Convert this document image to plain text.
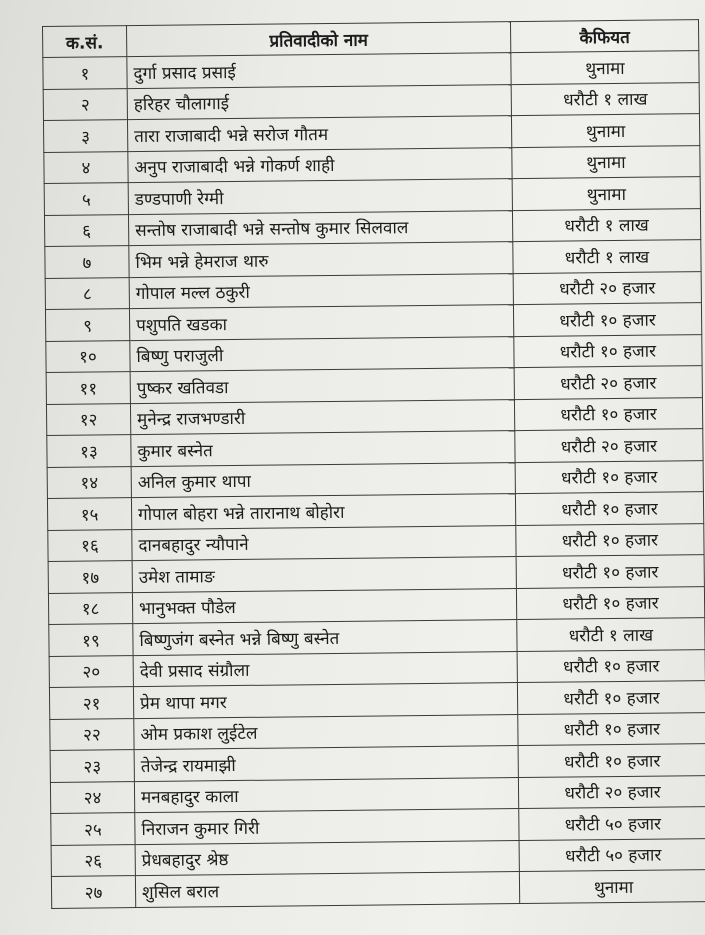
क.सं.	प्रतिवादीको नाम	कैफियत
१	दुर्गा प्रसाद प्रसाई	थुनामा
२	हरिहर चौलागाई	धरौटी १ लाख
३	तारा राजाबादी भन्ने सरोज गौतम	थुनामा
४	अनुप राजाबादी भन्ने गोकर्ण शाही	थुनामा
५	डण्डपाणी रेग्मी	थुनामा
६	सन्तोष राजाबादी भन्ने सन्तोष कुमार सिलवाल	धरौटी १ लाख
७	भिम भन्ने हेमराज थारु	धरौटी १ लाख
८	गोपाल मल्ल ठकुरी	धरौटी २० हजार
९	पशुपति खडका	धरौटी १० हजार
१०	बिष्णु पराजुली	धरौटी १० हजार
११	पुष्कर खतिवडा	धरौटी २० हजार
१२	मुनेन्द्र राजभण्डारी	धरौटी १० हजार
१३	कुमार बस्नेत	धरौटी २० हजार
१४	अनिल कुमार थापा	धरौटी १० हजार
१५	गोपाल बोहरा भन्ने तारानाथ बोहोरा	धरौटी १० हजार
१६	दानबहादुर न्यौपाने	धरौटी १० हजार
१७	उमेश तामाङ	धरौटी १० हजार
१८	भानुभक्त पौडेल	धरौटी १० हजार
१९	बिष्णुजंग बस्नेत भन्ने बिष्णु बस्नेत	धरौटी १ लाख
२०	देवी प्रसाद संग्रौला	धरौटी १० हजार
२१	प्रेम थापा मगर	धरौटी १० हजार
२२	ओम प्रकाश लुईटेल	धरौटी १० हजार
२३	तेजेन्द्र रायमाझी	धरौटी १० हजार
२४	मनबहादुर काला	धरौटी २० हजार
२५	निराजन कुमार गिरी	धरौटी ५० हजार
२६	प्रेधबहादुर श्रेष्ठ	धरौटी ५० हजार
२७	शुसिल बराल	थुनामा
